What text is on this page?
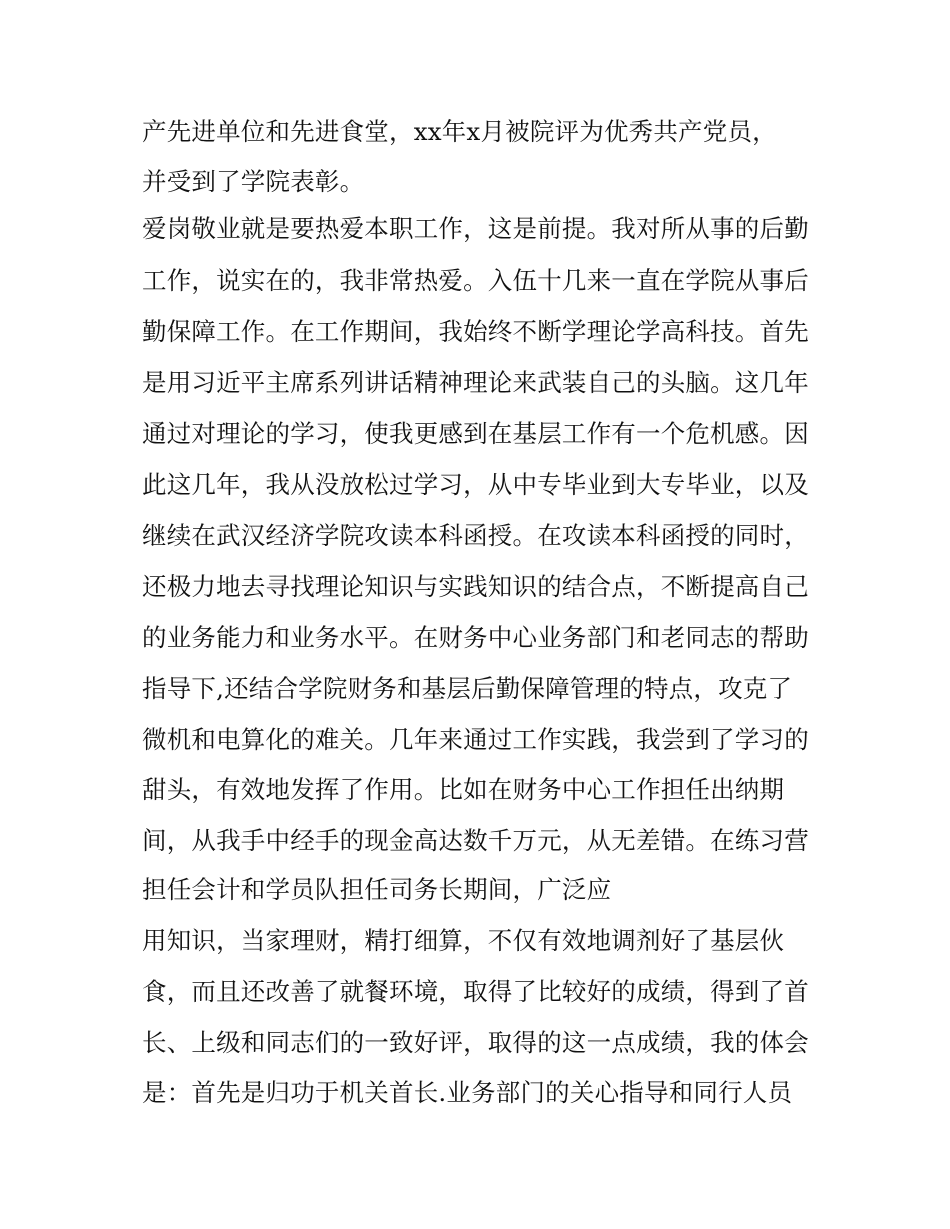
产先进单位和先进食堂，xx年x月被院评为优秀共产党员，
并受到了学院表彰。
爱岗敬业就是要热爱本职工作，这是前提。我对所从事的后勤
工作，说实在的，我非常热爱。入伍十几来一直在学院从事后
勤保障工作。在工作期间，我始终不断学理论学高科技。首先
是用习近平主席系列讲话精神理论来武装自己的头脑。这几年
通过对理论的学习，使我更感到在基层工作有一个危机感。因
此这几年，我从没放松过学习，从中专毕业到大专毕业，以及
继续在武汉经济学院攻读本科函授。在攻读本科函授的同时，
还极力地去寻找理论知识与实践知识的结合点，不断提高自己
的业务能力和业务水平。在财务中心业务部门和老同志的帮助
指导下,还结合学院财务和基层后勤保障管理的特点，攻克了
微机和电算化的难关。几年来通过工作实践，我尝到了学习的
甜头，有效地发挥了作用。比如在财务中心工作担任出纳期
间，从我手中经手的现金高达数千万元，从无差错。在练习营
担任会计和学员队担任司务长期间，广泛应
用知识，当家理财，精打细算，不仅有效地调剂好了基层伙
食，而且还改善了就餐环境，取得了比较好的成绩，得到了首
长、上级和同志们的一致好评，取得的这一点成绩，我的体会
是：首先是归功于机关首长.业务部门的关心指导和同行人员
